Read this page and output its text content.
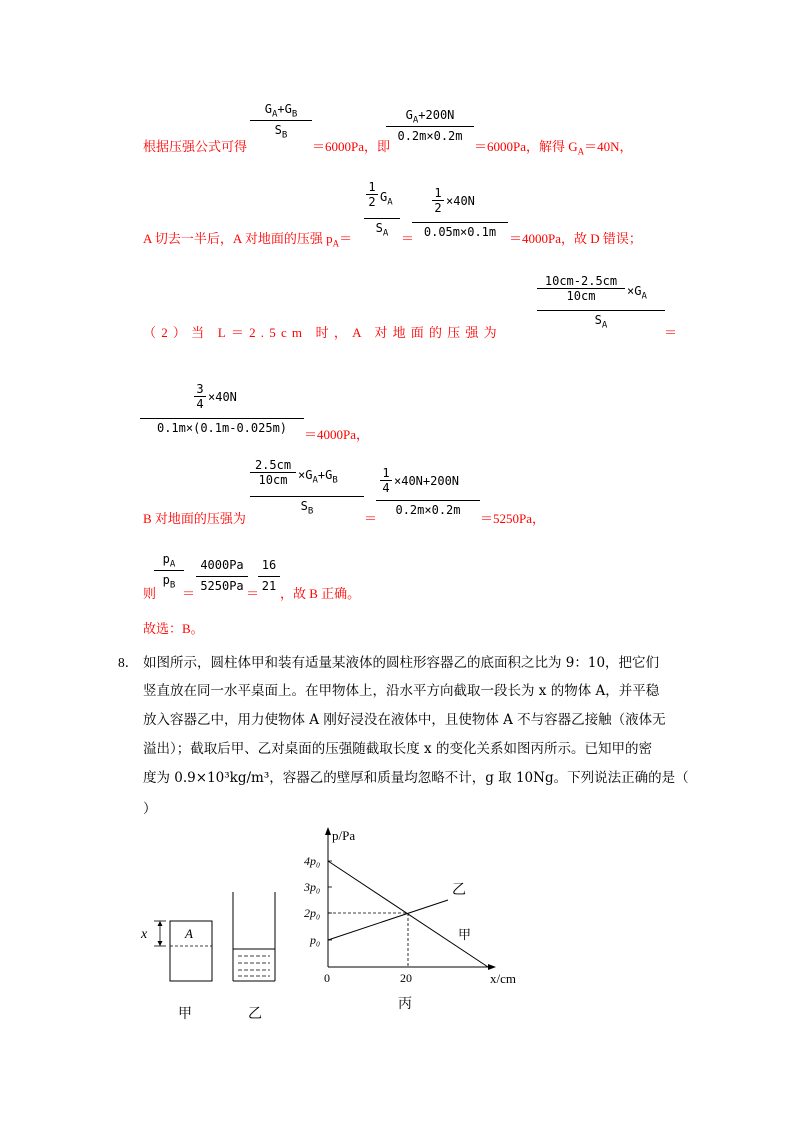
根据压强公式可得
$\frac{G_A+G_B}{S_B}$
＝6000Pa，即
$\frac{G_A+200N}{0.2m\times 0.2m} =6000Pa$，解得 $G_A=40N$，
A 切去一半后，A 对地面的压强 $p_A= \frac{\frac{1}{2} G_A}{S_A}$ ＝
$\frac{\frac{1}{2} \times 40N}{0.05m\times 0.1m} =4000Pa$，故 D 错误；
（2）当 L＝2.5cm 时，A 对地面的压强为
$\frac{\frac{10cm-2.5cm}{10cm} \times G_A}{S_A}$
＝
$\frac{\frac{3}{4} \times 40N}{0.1m\times(0.1m-0.025m)} =4000Pa$，
B 对地面的压强为
$\frac{\frac{2.5cm}{10cm} \times G_A+G_B}{S_B}$
＝
$\frac{\frac{1}{4} \times 40N+200N}{0.2m\times 0.2m} =5250Pa$，
则
$\frac{p_A}{p_B}$
＝ $\frac{4000Pa}{5250Pa}$
＝
$\frac{16}{21}$ ，故 B 正确。
故选：B。
8． 如图所示，圆柱体甲和装有适量某液体的圆柱形容器乙的底面积之比为 9：10，把它们
竖直放在同一水平桌面上。在甲物体上，沿水平方向截取一段长为 x 的物体 A，并平稳
放入容器乙中，用力使物体 A 刚好浸没在液体中，且使物体 A 不与容器乙接触（液体无
溢出）；截取后甲、乙对桌面的压强随截取长度 x 的变化关系如图丙所示。已知甲的密
度为 0.9×10³kg/m³，容器乙的壁厚和质量均忽略不计，g 取 10Ng。下列说法正确的是（
）
x	A
甲	乙
p/Pa
x/cm
4p₀
3p₀
2p₀
p₀
0	20
乙
甲
丙
